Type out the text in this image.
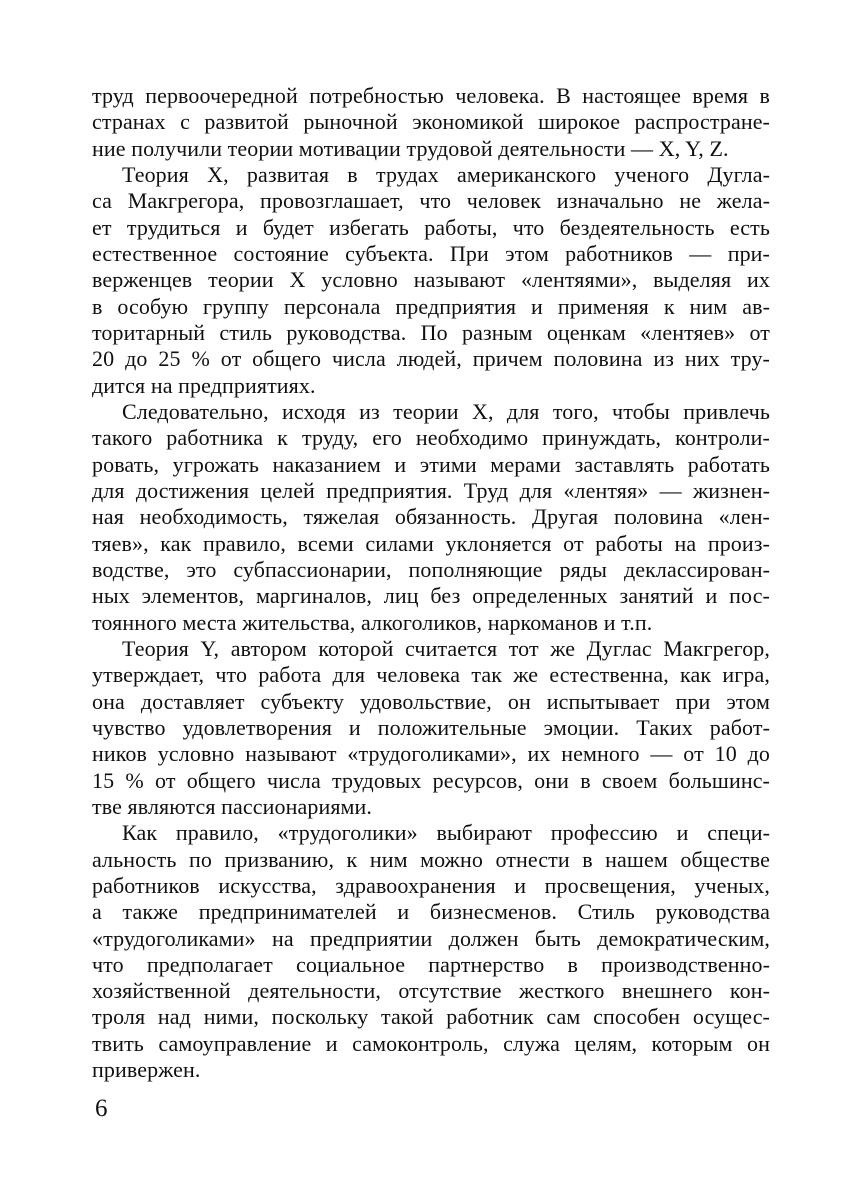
труд первоочередной потребностью человека. В настоящее время в
странах с развитой рыночной экономикой широкое распростране-
ние получили теории мотивации трудовой деятельности — X, Y, Z.
Теория X, развитая в трудах американского ученого Дугла-
са Макгрегора, провозглашает, что человек изначально не жела-
ет трудиться и будет избегать работы, что бездеятельность есть
естественное состояние субъекта. При этом работников — при-
верженцев теории X условно называют «лентяями», выделяя их
в особую группу персонала предприятия и применяя к ним ав-
торитарный стиль руководства. По разным оценкам «лентяев» от
20 до 25 % от общего числа людей, причем половина из них тру-
дится на предприятиях.
Следовательно, исходя из теории X, для того, чтобы привлечь
такого работника к труду, его необходимо принуждать, контроли-
ровать, угрожать наказанием и этими мерами заставлять работать
для достижения целей предприятия. Труд для «лентяя» — жизнен-
ная необходимость, тяжелая обязанность. Другая половина «лен-
тяев», как правило, всеми силами уклоняется от работы на произ-
водстве, это субпассионарии, пополняющие ряды деклассирован-
ных элементов, маргиналов, лиц без определенных занятий и пос-
тоянного места жительства, алкоголиков, наркоманов и т.п.
Теория Y, автором которой считается тот же Дуглас Макгрегор,
утверждает, что работа для человека так же естественна, как игра,
она доставляет субъекту удовольствие, он испытывает при этом
чувство удовлетворения и положительные эмоции. Таких работ-
ников условно называют «трудоголиками», их немного — от 10 до
15 % от общего числа трудовых ресурсов, они в своем большинс-
тве являются пассионариями.
Как правило, «трудоголики» выбирают профессию и специ-
альность по призванию, к ним можно отнести в нашем обществе
работников искусства, здравоохранения и просвещения, ученых,
а также предпринимателей и бизнесменов. Стиль руководства
«трудоголиками» на предприятии должен быть демократическим,
что предполагает социальное партнерство в производственно-
хозяйственной деятельности, отсутствие жесткого внешнего кон-
троля над ними, поскольку такой работник сам способен осущес-
твить самоуправление и самоконтроль, служа целям, которым он
привержен.
6
